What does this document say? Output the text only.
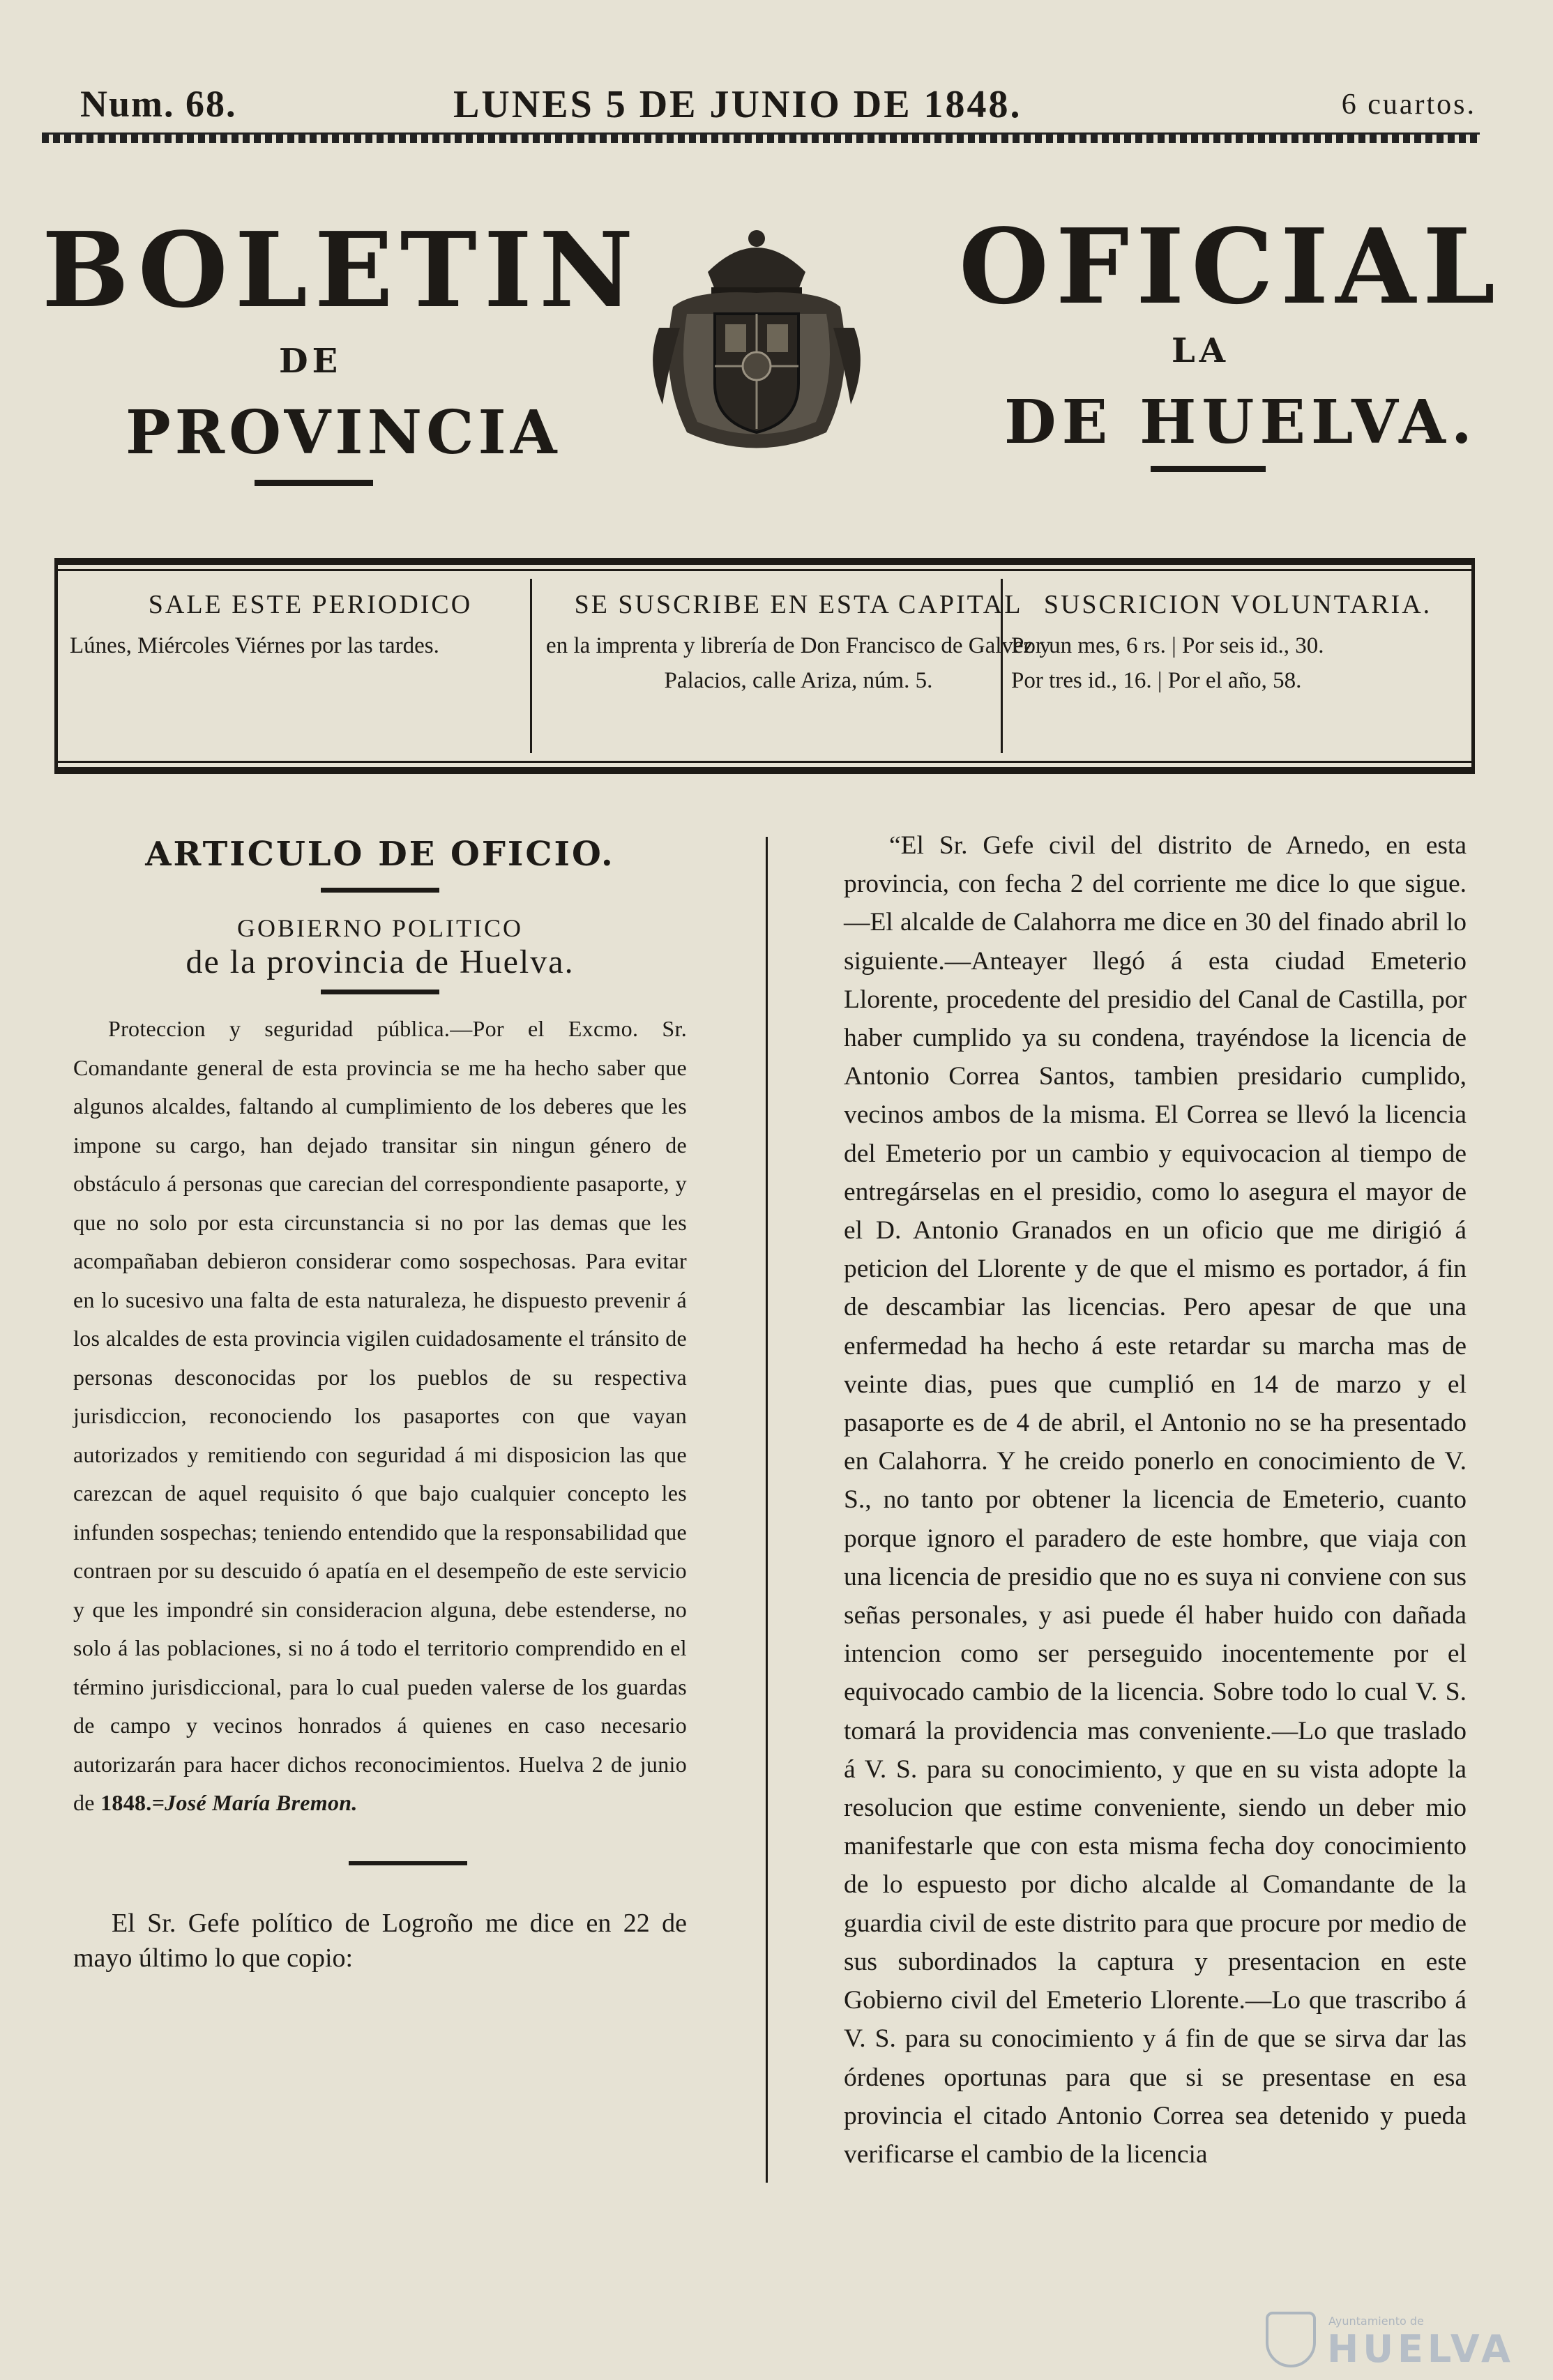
Num. 68.	LUNES 5 DE JUNIO DE 1848.	6 cuartos.
BOLETIN
DE
PROVINCIA
OFICIAL
LA
DE HUELVA.
SALE ESTE PERIODICO

Lúnes, Miércoles Viérnes por las tardes.

SE SUSCRIBE EN ESTA CAPITAL

en la imprenta y librería de Don Francisco de Galvez y Palacios, calle Ariza, núm. 5.

SUSCRICION VOLUNTARIA.

Por un mes, 6 rs. | Por seis id., 30.

Por tres id., 16. | Por el año, 58.

ARTICULO DE OFICIO.
GOBIERNO POLITICO
de la provincia de Huelva.

Proteccion y seguridad pública.—Por el Excmo. Sr. Comandante general de esta provincia se me ha hecho saber que algunos alcaldes, faltando al cumplimiento de los deberes que les impone su cargo, han dejado transitar sin ningun género de obstáculo á personas que carecian del correspondiente pasaporte, y que no solo por esta circunstancia si no por las demas que les acompañaban debieron considerar como sospechosas. Para evitar en lo sucesivo una falta de esta naturaleza, he dispuesto prevenir á los alcaldes de esta provincia vigilen cuidadosamente el tránsito de personas desconocidas por los pueblos de su respectiva jurisdiccion, reconociendo los pasaportes con que vayan autorizados y remitiendo con seguridad á mi disposicion las que carezcan de aquel requisito ó que bajo cualquier concepto les infunden sospechas; teniendo entendido que la responsabilidad que contraen por su descuido ó apatía en el desempeño de este servicio y que les impondré sin consideracion alguna, debe estenderse, no solo á las poblaciones, si no á todo el territorio comprendido en el término jurisdiccional, para lo cual pueden valerse de los guardas de campo y vecinos honrados á quienes en caso necesario autorizarán para hacer dichos reconocimientos. Huelva 2 de junio de 1848.=José María Bremon.

El Sr. Gefe político de Logroño me dice en 22 de mayo último lo que copio:

“El Sr. Gefe civil del distrito de Arnedo, en esta provincia, con fecha 2 del corriente me dice lo que sigue.—El alcalde de Calahorra me dice en 30 del finado abril lo siguiente.—Anteayer llegó á esta ciudad Emeterio Llorente, procedente del presidio del Canal de Castilla, por haber cumplido ya su condena, trayéndose la licencia de Antonio Correa Santos, tambien presidario cumplido, vecinos ambos de la misma. El Correa se llevó la licencia del Emeterio por un cambio y equivocacion al tiempo de entregárselas en el presidio, como lo asegura el mayor de el D. Antonio Granados en un oficio que me dirigió á peticion del Llorente y de que el mismo es portador, á fin de descambiar las licencias. Pero apesar de que una enfermedad ha hecho á este retardar su marcha mas de veinte dias, pues que cumplió en 14 de marzo y el pasaporte es de 4 de abril, el Antonio no se ha presentado en Calahorra. Y he creido ponerlo en conocimiento de V. S., no tanto por obtener la licencia de Emeterio, cuanto porque ignoro el paradero de este hombre, que viaja con una licencia de presidio que no es suya ni conviene con sus señas personales, y asi puede él haber huido con dañada intencion como ser perseguido inocentemente por el equivocado cambio de la licencia. Sobre todo lo cual V. S. tomará la providencia mas conveniente.—Lo que traslado á V. S. para su conocimiento, y que en su vista adopte la resolucion que estime conveniente, siendo un deber mio manifestarle que con esta misma fecha doy conocimiento de lo espuesto por dicho alcalde al Comandante de la guardia civil de este distrito para que procure por medio de sus subordinados la captura y presentacion en este Gobierno civil del Emeterio Llorente.—Lo que trascribo á V. S. para su conocimiento y á fin de que se sirva dar las órdenes oportunas para que si se presentase en esa provincia el citado Antonio Correa sea detenido y pueda verificarse el cambio de la licencia

Ayuntamiento de
HUELVA
